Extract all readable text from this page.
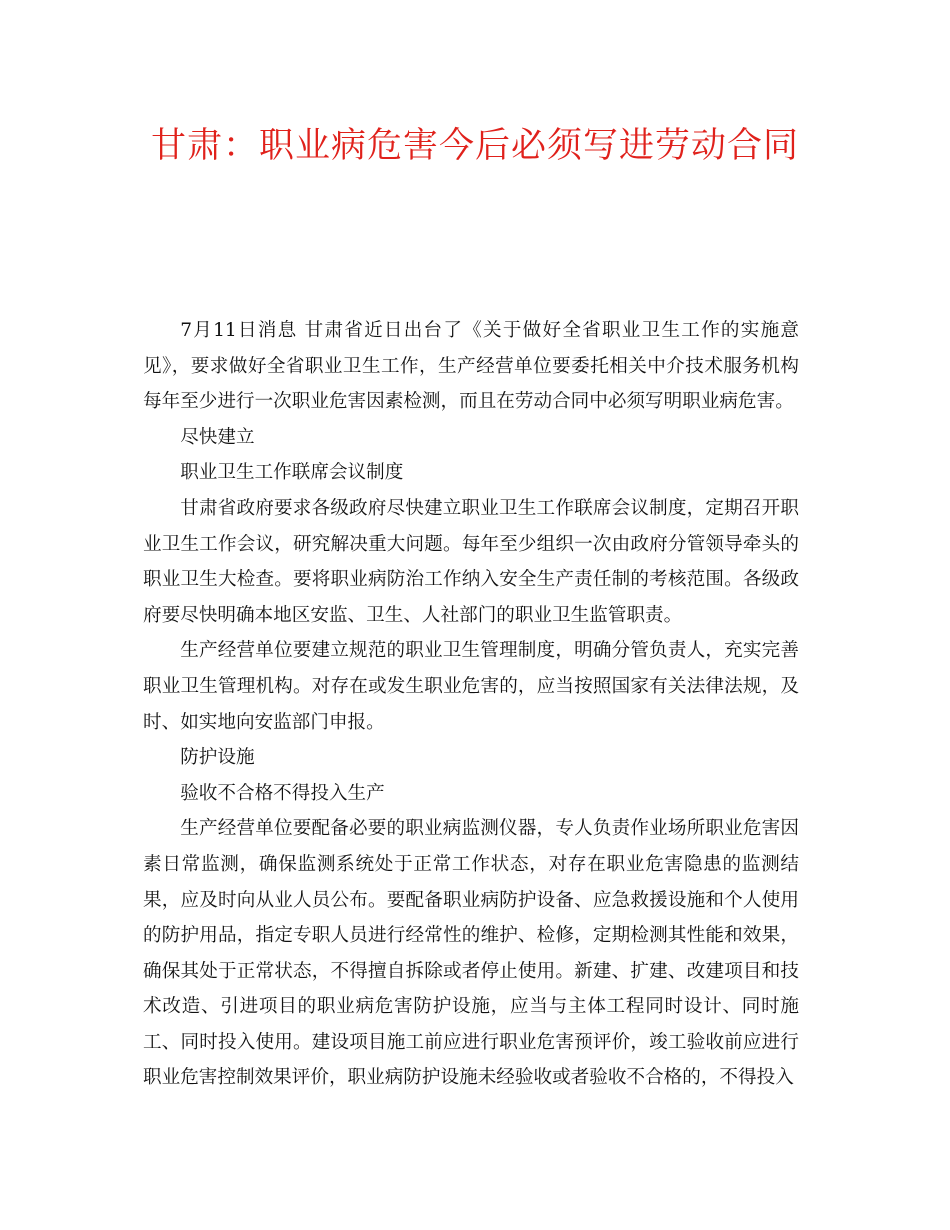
甘肃：职业病危害今后必须写进劳动合同

7月11日消息 甘肃省近日出台了《关于做好全省职业卫生工作的实施意见》，要求做好全省职业卫生工作，生产经营单位要委托相关中介技术服务机构每年至少进行一次职业危害因素检测，而且在劳动合同中必须写明职业病危害。

尽快建立

职业卫生工作联席会议制度

甘肃省政府要求各级政府尽快建立职业卫生工作联席会议制度，定期召开职业卫生工作会议，研究解决重大问题。每年至少组织一次由政府分管领导牵头的职业卫生大检查。要将职业病防治工作纳入安全生产责任制的考核范围。各级政府要尽快明确本地区安监、卫生、人社部门的职业卫生监管职责。

生产经营单位要建立规范的职业卫生管理制度，明确分管负责人，充实完善职业卫生管理机构。对存在或发生职业危害的，应当按照国家有关法律法规，及时、如实地向安监部门申报。

防护设施

验收不合格不得投入生产

生产经营单位要配备必要的职业病监测仪器，专人负责作业场所职业危害因素日常监测，确保监测系统处于正常工作状态，对存在职业危害隐患的监测结果，应及时向从业人员公布。要配备职业病防护设备、应急救援设施和个人使用的防护用品，指定专职人员进行经常性的维护、检修，定期检测其性能和效果，确保其处于正常状态，不得擅自拆除或者停止使用。新建、扩建、改建项目和技术改造、引进项目的职业病危害防护设施，应当与主体工程同时设计、同时施工、同时投入使用。建设项目施工前应进行职业危害预评价，竣工验收前应进行职业危害控制效果评价，职业病防护设施未经验收或者验收不合格的，不得投入
